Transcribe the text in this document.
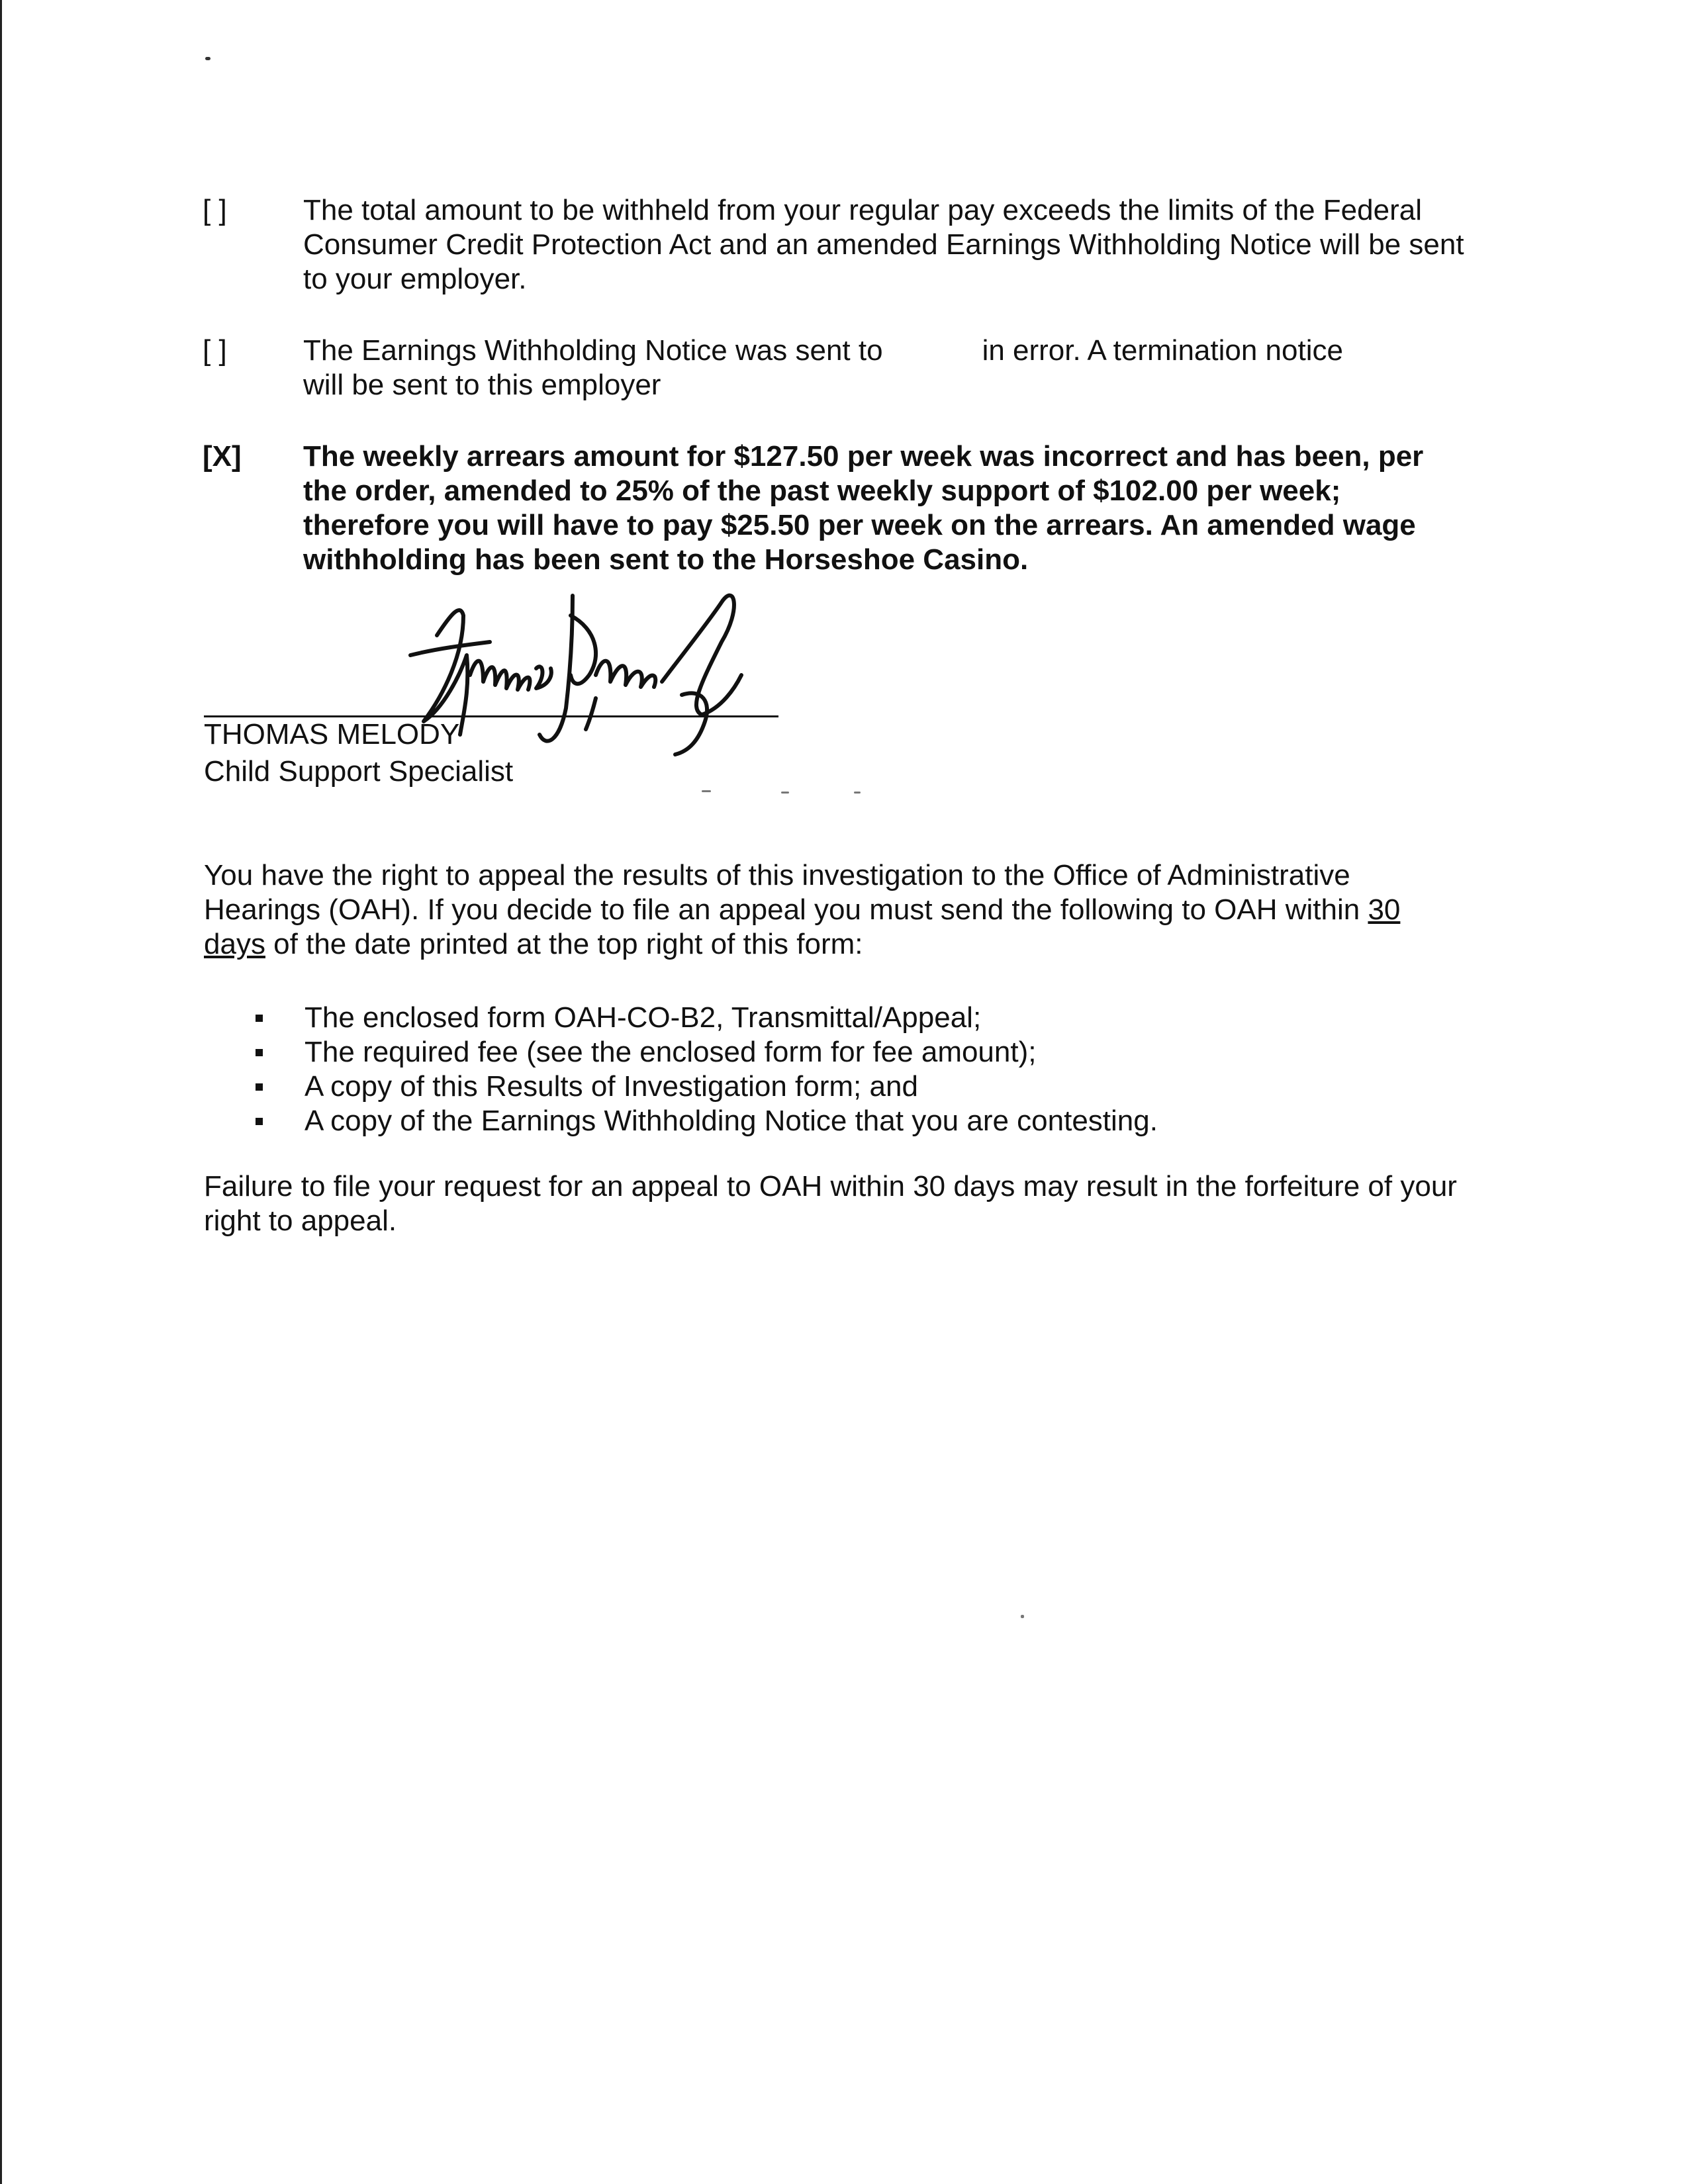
[ ]	The total amount to be withheld from your regular pay exceeds the limits of the Federal
Consumer Credit Protection Act and an amended Earnings Withholding Notice will be sent
to your employer.
[ ]	The Earnings Withholding Notice was sent to	in error. A termination notice
will be sent to this employer
[X]	The weekly arrears amount for $127.50 per week was incorrect and has been, per
the order, amended to 25% of the past weekly support of $102.00 per week;
therefore you will have to pay $25.50 per week on the arrears. An amended wage
withholding has been sent to the Horseshoe Casino.
THOMAS MELODY
Child Support Specialist
You have the right to appeal the results of this investigation to the Office of Administrative
Hearings (OAH). If you decide to file an appeal you must send the following to OAH within 30
days of the date printed at the top right of this form:
The enclosed form OAH-CO-B2, Transmittal/Appeal;
The required fee (see the enclosed form for fee amount);
A copy of this Results of Investigation form; and
A copy of the Earnings Withholding Notice that you are contesting.
Failure to file your request for an appeal to OAH within 30 days may result in the forfeiture of your
right to appeal.
